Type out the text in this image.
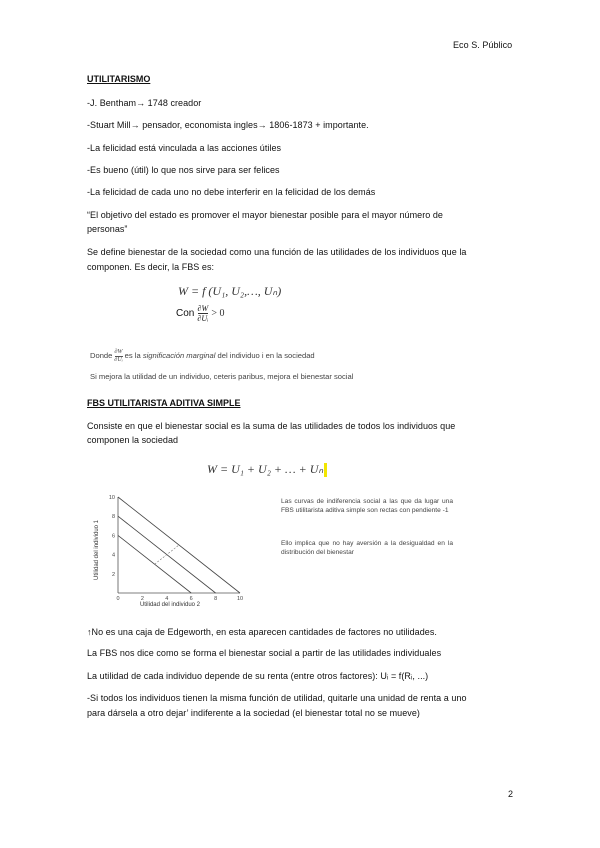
Eco S. Público

UTILITARISMO

-J. Bentham→ 1748 creador

-Stuart Mill→ pensador, economista ingles→ 1806-1873 + importante.

-La felicidad está vinculada a las acciones útiles

-Es bueno (útil) lo que nos sirve para ser felices

-La felicidad de cada uno no debe interferir en la felicidad de los demás

“El objetivo del estado es promover el mayor bienestar posible para el mayor número de

personas”

Se define bienestar de la sociedad como una función de las utilidades de los individuos que la

componen. Es decir, la FBS es:

W = f (U₁, U₂,…, Uₙ)

Con $\frac{\partial W}{\text{∂Uᵢ}} > 0$
Donde $\frac{\partial W}{\text{∂Uᵢ}}$ es la
significación marginal
del individuo i en la sociedad

Si mejora la utilidad de un individuo, ceteris paribus, mejora el bienestar social

FBS UTILITARISTA ADITIVA SIMPLE

Consiste en que el bienestar social es la suma de las utilidades de todos los individuos que

componen la sociedad

W = U₁ + U₂ + … + Uₙ

Utilidad del individuo 1
Utilidad del individuo 2
0	2	4	6	8	10
2
4
6
8
10	Las curvas de indiferencia social a las que da lugar una FBS utilitarista aditiva simple son rectas con pendiente -1

Ello implica que no hay aversión a la desigualdad en la distribución del bienestar

↑No es una caja de Edgeworth, en esta aparecen cantidades de factores no utilidades.

La FBS nos dice como se forma el bienestar social a partir de las utilidades individuales

La utilidad de cada individuo depende de su renta (entre otros factores): Uᵢ = f(Rᵢ, ...)

-Si todos los individuos tienen la misma función de utilidad, quitarle una unidad de renta a uno

para dársela a otro dejar’ indiferente a la sociedad (el bienestar total no se mueve)

2
